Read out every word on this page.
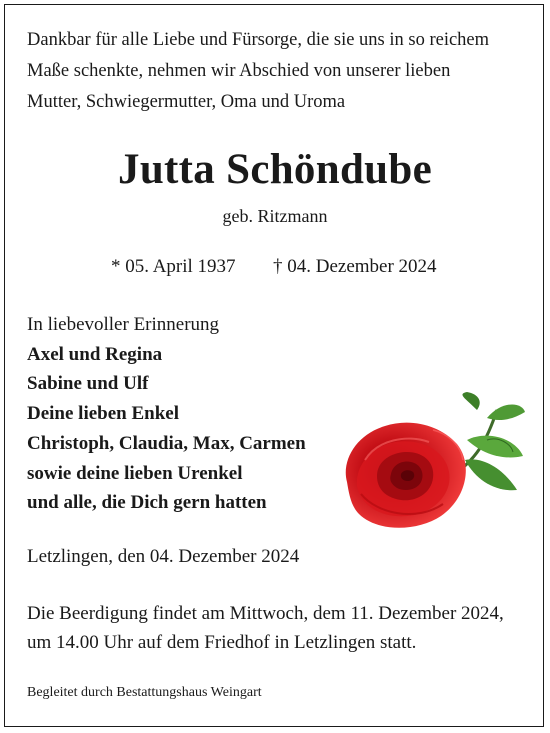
Dankbar für alle Liebe und Fürsorge, die sie uns in so reichem
Maße schenkte, nehmen wir Abschied von unserer lieben
Mutter, Schwiegermutter, Oma und Uroma
Jutta Schöndube
geb. Ritzmann
* 05. April 1937 † 04. Dezember 2024
In liebevoller Erinnerung
Axel und Regina
Sabine und Ulf
Deine lieben Enkel
Christoph, Claudia, Max, Carmen
sowie deine lieben Urenkel
und alle, die Dich gern hatten
Letzlingen, den 04. Dezember 2024
Die Beerdigung findet am Mittwoch, dem 11. Dezember 2024,
um 14.00 Uhr auf dem Friedhof in Letzlingen statt.
Begleitet durch Bestattungshaus Weingart
